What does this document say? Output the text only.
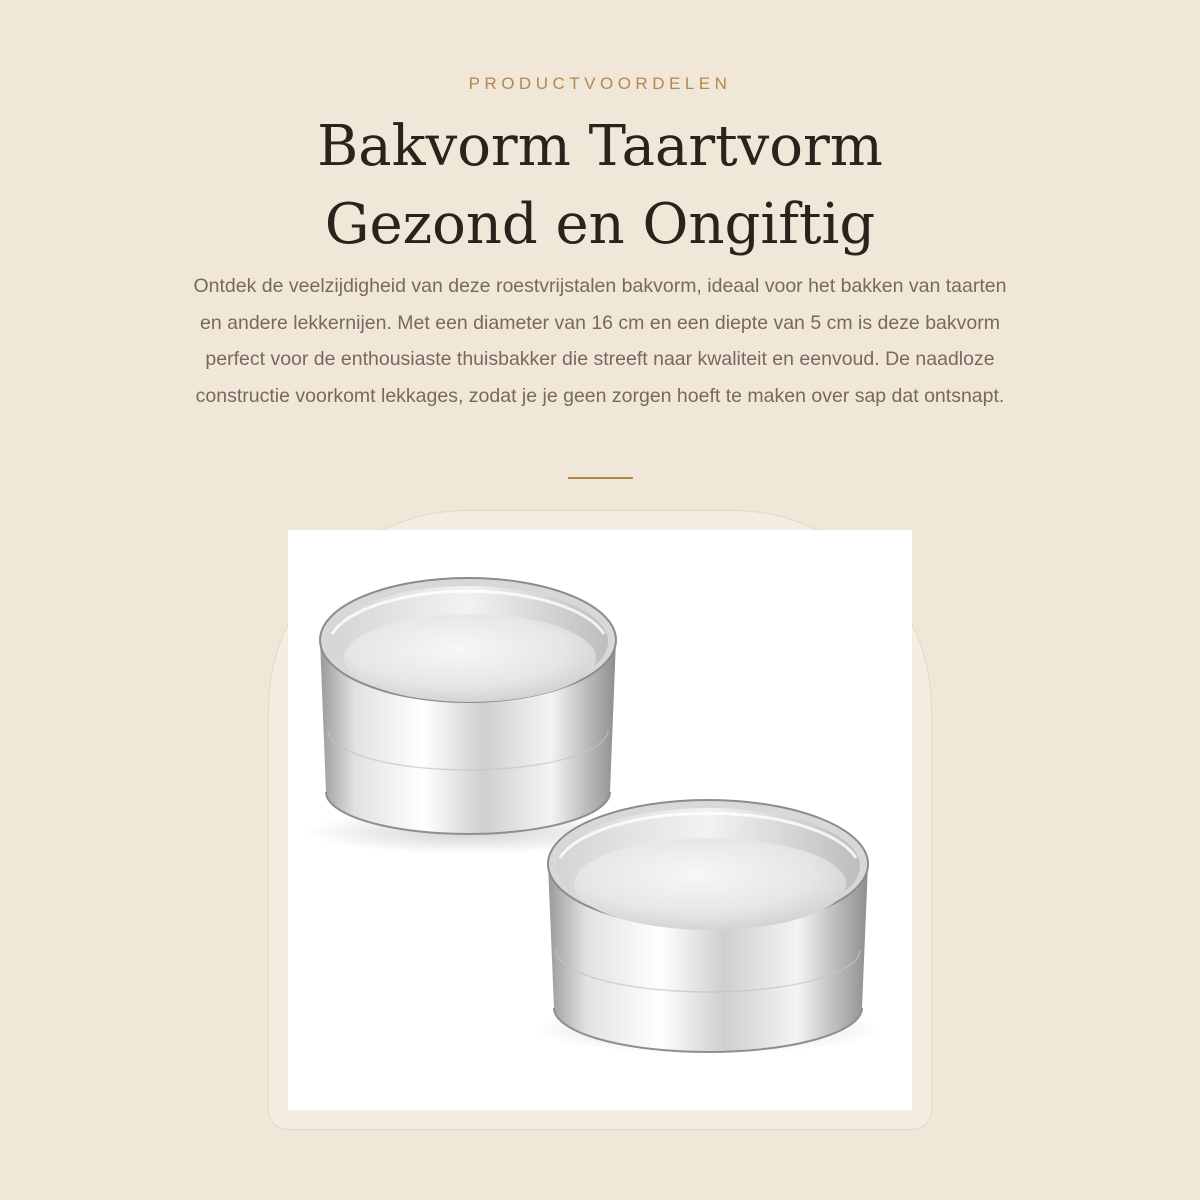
PRODUCTVOORDELEN
Bakvorm Taartvorm
Gezond en Ongiftig

Ontdek de veelzijdigheid van deze roestvrijstalen bakvorm, ideaal voor het bakken van taarten en andere lekkernijen. Met een diameter van 16 cm en een diepte van 5 cm is deze bakvorm perfect voor de enthousiaste thuisbakker die streeft naar kwaliteit en eenvoud. De naadloze constructie voorkomt lekkages, zodat je je geen zorgen hoeft te maken over sap dat ontsnapt.
